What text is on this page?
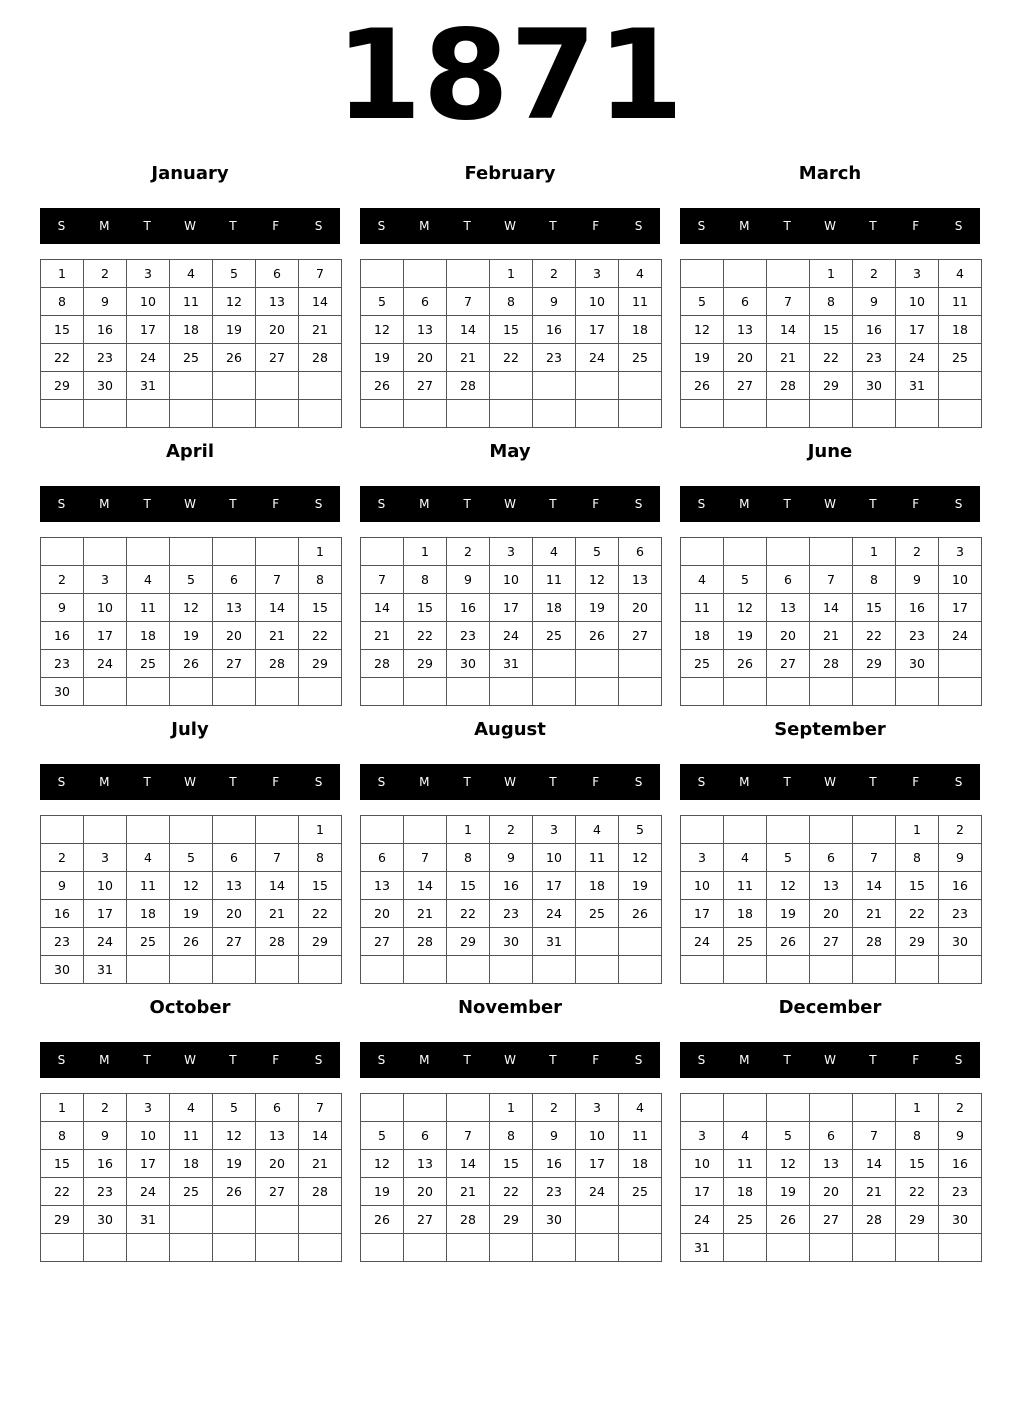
1871
January
S	M	T	W	T	F	S
1	2	3	4	5	6	7
8	9	10	11	12	13	14
15	16	17	18	19	20	21
22	23	24	25	26	27	28
29	30	31				

February
S	M	T	W	T	F	S
			1	2	3	4
5	6	7	8	9	10	11
12	13	14	15	16	17	18
19	20	21	22	23	24	25
26	27	28				

March
S	M	T	W	T	F	S
			1	2	3	4
5	6	7	8	9	10	11
12	13	14	15	16	17	18
19	20	21	22	23	24	25
26	27	28	29	30	31	

April
S	M	T	W	T	F	S
						1
2	3	4	5	6	7	8
9	10	11	12	13	14	15
16	17	18	19	20	21	22
23	24	25	26	27	28	29
30						
May
S	M	T	W	T	F	S
	1	2	3	4	5	6
7	8	9	10	11	12	13
14	15	16	17	18	19	20
21	22	23	24	25	26	27
28	29	30	31			

June
S	M	T	W	T	F	S
				1	2	3
4	5	6	7	8	9	10
11	12	13	14	15	16	17
18	19	20	21	22	23	24
25	26	27	28	29	30	

July
S	M	T	W	T	F	S
						1
2	3	4	5	6	7	8
9	10	11	12	13	14	15
16	17	18	19	20	21	22
23	24	25	26	27	28	29
30	31					
August
S	M	T	W	T	F	S
		1	2	3	4	5
6	7	8	9	10	11	12
13	14	15	16	17	18	19
20	21	22	23	24	25	26
27	28	29	30	31		

September
S	M	T	W	T	F	S
					1	2
3	4	5	6	7	8	9
10	11	12	13	14	15	16
17	18	19	20	21	22	23
24	25	26	27	28	29	30

October
S	M	T	W	T	F	S
1	2	3	4	5	6	7
8	9	10	11	12	13	14
15	16	17	18	19	20	21
22	23	24	25	26	27	28
29	30	31				

November
S	M	T	W	T	F	S
			1	2	3	4
5	6	7	8	9	10	11
12	13	14	15	16	17	18
19	20	21	22	23	24	25
26	27	28	29	30		

December
S	M	T	W	T	F	S
					1	2
3	4	5	6	7	8	9
10	11	12	13	14	15	16
17	18	19	20	21	22	23
24	25	26	27	28	29	30
31						
